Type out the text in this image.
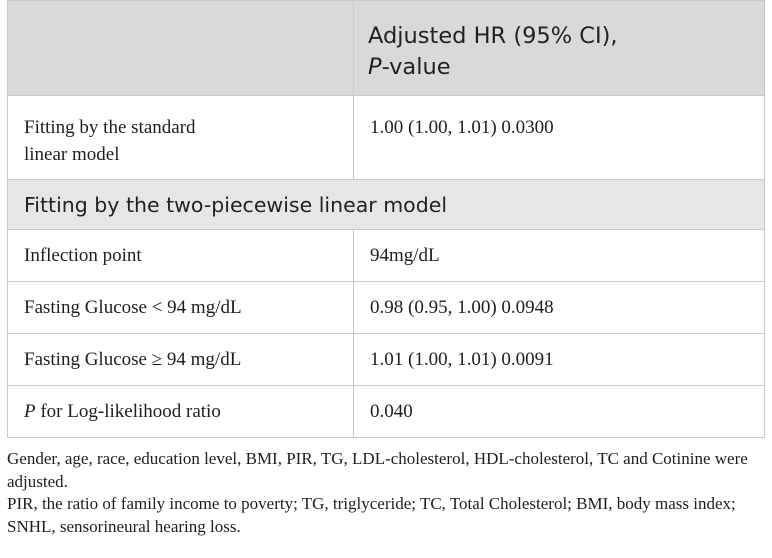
	Adjusted HR (95% CI),
P-value
Fitting by the standard
linear model	1.00 (1.00, 1.01) 0.0300
Fitting by the two-piecewise linear model	
Inflection point	94mg/dL
Fasting Glucose < 94 mg/dL	0.98 (0.95, 1.00) 0.0948
Fasting Glucose ≥ 94 mg/dL	1.01 (1.00, 1.01) 0.0091
P for Log-likelihood ratio	0.040

Gender, age, race, education level, BMI, PIR, TG, LDL-cholesterol, HDL-cholesterol, TC and Cotinine were adjusted.

PIR, the ratio of family income to poverty; TG, triglyceride; TC, Total Cholesterol; BMI, body mass index; SNHL, sensorineural hearing loss.
